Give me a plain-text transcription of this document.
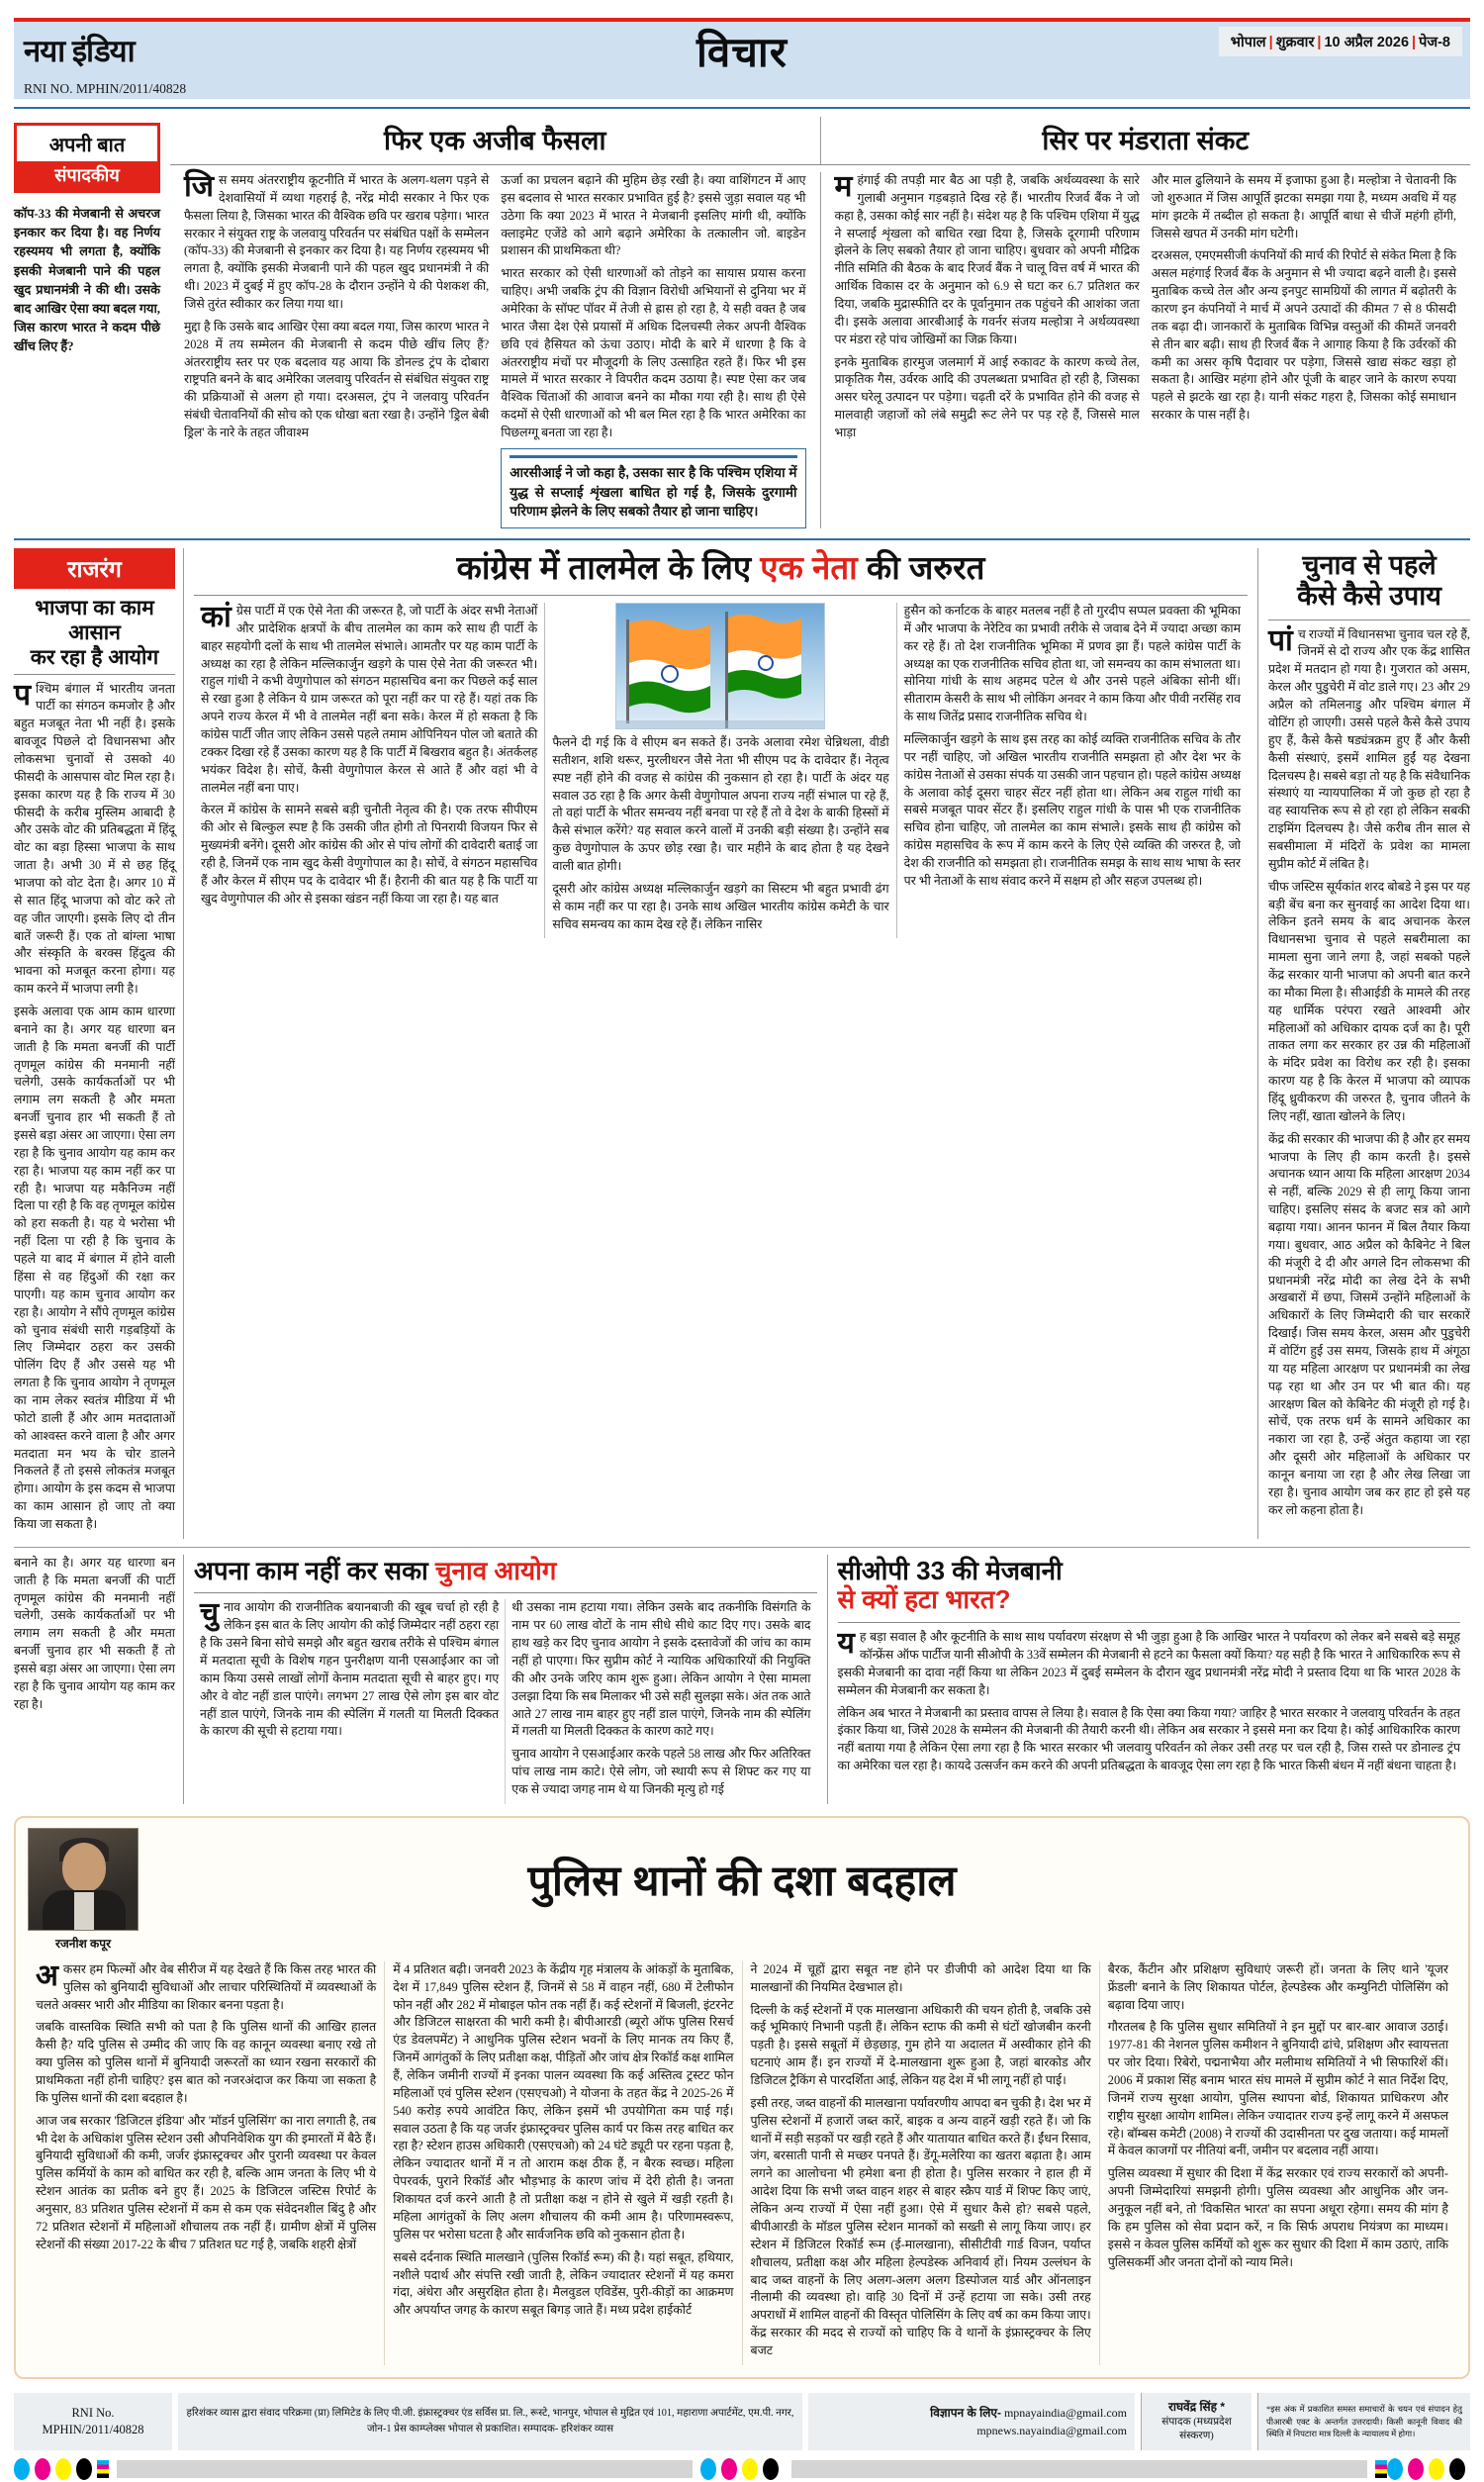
नया इंडिया	विचार	भोपाल | शुक्रवार | 10 अप्रैल 2026 | पेज-8
RNI NO. MPHIN/2011/40828
अपनी बात
संपादकीय
कॉप-33 की मेजबानी से अचरज इनकार कर दिया है। वह निर्णय रहस्यमय भी लगता है, क्योंकि इसकी मेजबानी पाने की पहल खुद प्रधानमंत्री ने की थी। उसके बाद आखिर ऐसा क्या बदल गया, जिस कारण भारत ने कदम पीछे खींच लिए हैं?
फिर एक अजीब फैसला	सिर पर मंडराता संकट

जिस समय अंतरराष्ट्रीय कूटनीति में भारत के अलग-थलग पड़ने से देशवासियों में व्यथा गहराई है, नरेंद्र मोदी सरकार ने फिर एक फैसला लिया है, जिसका भारत की वैश्विक छवि पर खराब पड़ेगा। भारत सरकार ने संयुक्त राष्ट्र के जलवायु परिवर्तन पर संबंधित पक्षों के सम्मेलन (कॉप-33) की मेजबानी से इनकार कर दिया है। यह निर्णय रहस्यमय भी लगता है, क्योंकि इसकी मेजबानी पाने की पहल खुद प्रधानमंत्री ने की थी। 2023 में दुबई में हुए कॉप-28 के दौरान उन्होंने ये की पेशकश की, जिसे तुरंत स्वीकार कर लिया गया था।

मुद्दा है कि उसके बाद आखिर ऐसा क्या बदल गया, जिस कारण भारत ने 2028 में तय सम्मेलन की मेजबानी से कदम पीछे खींच लिए हैं? अंतरराष्ट्रीय स्तर पर एक बदलाव यह आया कि डोनल्ड ट्रंप के दोबारा राष्ट्रपति बनने के बाद अमेरिका जलवायु परिवर्तन से संबंधित संयुक्त राष्ट्र की प्रक्रियाओं से अलग हो गया। दरअसल, ट्रंप ने जलवायु परिवर्तन संबंधी चेतावनियों की सोच को एक धोखा बता रखा है। उन्होंने 'ड्रिल बेबी ड्रिल' के नारे के तहत जीवाश्म

ऊर्जा का प्रचलन बढ़ाने की मुहिम छेड़ रखी है। क्या वाशिंगटन में आए इस बदलाव से भारत सरकार प्रभावित हुई है? इससे जुड़ा सवाल यह भी उठेगा कि क्या 2023 में भारत ने मेजबानी इसलिए मांगी थी, क्योंकि क्लाइमेट एजेंडे को आगे बढ़ाने अमेरिका के तत्कालीन जो. बाइडेन प्रशासन की प्राथमिकता थी?

भारत सरकार को ऐसी धारणाओं को तोड़ने का सायास प्रयास करना चाहिए। अभी जबकि ट्रंप की विज्ञान विरोधी अभियानों से दुनिया भर में अमेरिका के सॉफ्ट पॉवर में तेजी से ह्रास हो रहा है, ये सही वक्त है जब भारत जैसा देश ऐसे प्रयासों में अधिक दिलचस्पी लेकर अपनी वैश्विक छवि एवं हैसियत को ऊंचा उठाए। मोदी के बारे में धारणा है कि वे अंतरराष्ट्रीय मंचों पर मौजूदगी के लिए उत्साहित रहते हैं। फिर भी इस मामले में भारत सरकार ने विपरीत कदम उठाया है। स्पष्ट ऐसा कर जब वैश्विक चिंताओं की आवाज बनने का मौका गया रही है। साथ ही ऐसे कदमों से ऐसी धारणाओं को भी बल मिल रहा है कि भारत अमेरिका का पिछलग्गू बनता जा रहा है।

आरसीआई ने जो कहा है, उसका सार है कि पश्चिम एशिया में युद्ध से सप्लाई शृंखला बाधित हो गई है, जिसके दुरगामी परिणाम झेलने के लिए सबको तैयार हो जाना चाहिए।

महंगाई की तपड़ी मार बैठ आ पड़ी है, जबकि अर्थव्यवस्था के सारे गुलाबी अनुमान गड़बड़ाते दिख रहे हैं। भारतीय रिजर्व बैंक ने जो कहा है, उसका कोई सार नहीं है। संदेश यह है कि पश्चिम एशिया में युद्ध ने सप्लाई शृंखला को बाधित रखा दिया है, जिसके दूरगामी परिणाम झेलने के लिए सबको तैयार हो जाना चाहिए। बुधवार को अपनी मौद्रिक नीति समिति की बैठक के बाद रिजर्व बैंक ने चालू वित्त वर्ष में भारत की आर्थिक विकास दर के अनुमान को 6.9 से घटा कर 6.7 प्रतिशत कर दिया, जबकि मुद्रास्फीति दर के पूर्वानुमान तक पहुंचने की आशंका जता दी। इसके अलावा आरबीआई के गवर्नर संजय मल्होत्रा ने अर्थव्यवस्था पर मंडरा रहे पांच जोखिमों का जिक्र किया।

इनके मुताबिक हारमुज जलमार्ग में आई रुकावट के कारण कच्चे तेल, प्राकृतिक गैस, उर्वरक आदि की उपलब्धता प्रभावित हो रही है, जिसका असर घरेलू उत्पादन पर पड़ेगा। चढ़ती दरें के प्रभावित होने की वजह से मालवाही जहाजों को लंबे समुद्री रूट लेने पर पड़ रहे हैं, जिससे माल भाड़ा

और माल ढुलियाने के समय में इजाफा हुआ है। मल्होत्रा ने चेतावनी कि जो शुरुआत में जिस आपूर्ति झटका समझा गया है, मध्यम अवधि में यह मांग झटके में तब्दील हो सकता है। आपूर्ति बाधा से चीजें महंगी होंगी, जिससे खपत में उनकी मांग घटेगी।

दरअसल, एमएमसीजी कंपनियों की मार्च की रिपोर्ट से संकेत मिला है कि असल महंगाई रिजर्व बैंक के अनुमान से भी ज्यादा बढ़ने वाली है। इससे मुताबिक कच्चे तेल और अन्य इनपुट सामग्रियों की लागत में बढ़ोतरी के कारण इन कंपनियों ने मार्च में अपने उत्पादों की कीमत 7 से 8 फीसदी तक बढ़ा दी। जानकारों के मुताबिक विभिन्न वस्तुओं की कीमतें जनवरी से तीन बार बढ़ी। साथ ही रिजर्व बैंक ने आगाह किया है कि उर्वरकों की कमी का असर कृषि पैदावार पर पड़ेगा, जिससे खाद्य संकट खड़ा हो सकता है। आखिर महंगा होने और पूंजी के बाहर जाने के कारण रुपया पहले से झटके खा रहा है। यानी संकट गहरा है, जिसका कोई समाधान सरकार के पास नहीं है।

राजरंग
भाजपा का काम आसान
कर रहा है आयोग

पश्चिम बंगाल में भारतीय जनता पार्टी का संगठन कमजोर है और बहुत मजबूत नेता भी नहीं है। इसके बावजूद पिछले दो विधानसभा और लोकसभा चुनावों से उसको 40 फीसदी के आसपास वोट मिल रहा है। इसका कारण यह है कि राज्य में 30 फीसदी के करीब मुस्लिम आबादी है और उसके वोट की प्रतिबद्धता में हिंदू वोट का बड़ा हिस्सा भाजपा के साथ जाता है। अभी 30 में से छह हिंदू भाजपा को वोट देता है। अगर 10 में से सात हिंदू भाजपा को वोट करे तो वह जीत जाएगी। इसके लिए दो तीन बातें जरूरी हैं। एक तो बांग्ला भाषा और संस्कृति के बरक्स हिंदुत्व की भावना को मजबूत करना होगा। यह काम करने में भाजपा लगी है।

इसके अलावा एक आम काम धारणा बनाने का है। अगर यह धारणा बन जाती है कि ममता बनर्जी की पार्टी तृणमूल कांग्रेस की मनमानी नहीं चलेगी, उसके कार्यकर्ताओं पर भी लगाम लग सकती है और ममता बनर्जी चुनाव हार भी सकती हैं तो इससे बड़ा अंसर आ जाएगा। ऐसा लग रहा है कि चुनाव आयोग यह काम कर रहा है। भाजपा यह काम नहीं कर पा रही है। भाजपा यह मकैनिज्म नहीं दिला पा रही है कि वह तृणमूल कांग्रेस को हरा सकती है। यह ये भरोसा भी नहीं दिला पा रही है कि चुनाव के पहले या बाद में बंगाल में होने वाली हिंसा से वह हिंदुओं की रक्षा कर पाएगी। यह काम चुनाव आयोग कर रहा है। आयोग ने सौंपे तृणमूल कांग्रेस को चुनाव संबंधी सारी गड़बड़ियों के लिए जिम्मेदार ठहरा कर उसकी पोलिंग दिए हैं और उससे यह भी लगता है कि चुनाव आयोग ने तृणमूल का नाम लेकर स्वतंत्र मीडिया में भी फोटो डाली हैं और आम मतदाताओं को आश्वस्त करने वाला है और अगर मतदाता मन भय के चोर डालने निकलते हैं तो इससे लोकतंत्र मजबूत होगा। आयोग के इस कदम से भाजपा का काम आसान हो जाए तो क्या किया जा सकता है।

कांग्रेस में तालमेल के लिए एक नेता की जरुरत

कांग्रेस पार्टी में एक ऐसे नेता की जरूरत है, जो पार्टी के अंदर सभी नेताओं और प्रादेशिक क्षत्रपों के बीच तालमेल का काम करे साथ ही पार्टी के बाहर सहयोगी दलों के साथ भी तालमेल संभाले। आमतौर पर यह काम पार्टी के अध्यक्ष का रहा है लेकिन मल्लिकार्जुन खड़गे के पास ऐसे नेता की जरूरत भी। राहुल गांधी ने कभी वेणुगोपाल को संगठन महासचिव बना कर पिछले कई साल से रखा हुआ है लेकिन ये ग्राम जरूरत को पूरा नहीं कर पा रहे हैं। यहां तक कि अपने राज्य केरल में भी वे तालमेल नहीं बना सके। केरल में हो सकता है कि कांग्रेस पार्टी जीत जाए लेकिन उससे पहले तमाम ओपिनियन पोल जो बताते की टक्कर दिखा रहे हैं उसका कारण यह है कि पार्टी में बिखराव बहुत है। अंतर्कलह भयंकर विदेश है। सोचें, कैसी वेणुगोपाल केरल से आते हैं और वहां भी वे तालमेल नहीं बना पाए।

केरल में कांग्रेस के सामने सबसे बड़ी चुनौती नेतृत्व की है। एक तरफ सीपीएम की ओर से बिल्कुल स्पष्ट है कि उसकी जीत होगी तो पिनरायी विजयन फिर से मुख्यमंत्री बनेंगे। दूसरी ओर कांग्रेस की ओर से पांच लोगों की दावेदारी बताई जा रही है, जिनमें एक नाम खुद केसी वेणुगोपाल का है। सोचें, वे संगठन महासचिव हैं और केरल में सीएम पद के दावेदार भी हैं। हैरानी की बात यह है कि पार्टी या खुद वेणुगोपाल की ओर से इसका खंडन नहीं किया जा रहा है। यह बात

फैलने दी गई कि वे सीएम बन सकते हैं। उनके अलावा रमेश चेन्निथला, वीडी सतीशन, शशि थरूर, मुरलीधरन जैसे नेता भी सीएम पद के दावेदार हैं। नेतृत्व स्पष्ट नहीं होने की वजह से कांग्रेस की नुकसान हो रहा है। पार्टी के अंदर यह सवाल उठ रहा है कि अगर केसी वेणुगोपाल अपना राज्य नहीं संभाल पा रहे हैं, तो वहां पार्टी के भीतर समन्वय नहीं बनवा पा रहे हैं तो वे देश के बाकी हिस्सों में कैसे संभाल करेंगे? यह सवाल करने वालों में उनकी बड़ी संख्या है। उन्होंने सब कुछ वेणुगोपाल के ऊपर छोड़ रखा है। चार महीने के बाद होता है यह देखने वाली बात होगी।

दूसरी ओर कांग्रेस अध्यक्ष मल्लिकार्जुन खड़गे का सिस्टम भी बहुत प्रभावी ढंग से काम नहीं कर पा रहा है। उनके साथ अखिल भारतीय कांग्रेस कमेटी के चार सचिव समन्वय का काम देख रहे हैं। लेकिन नासिर

हुसैन को कर्नाटक के बाहर मतलब नहीं है तो गुरदीप सप्पल प्रवक्ता की भूमिका में और भाजपा के नेरेटिव का प्रभावी तरीके से जवाब देने में ज्यादा अच्छा काम कर रहे हैं। तो देश राजनीतिक भूमिका में प्रणव झा हैं। पहले कांग्रेस पार्टी के अध्यक्ष का एक राजनीतिक सचिव होता था, जो समन्वय का काम संभालता था। सोनिया गांधी के साथ अहमद पटेल थे और उनसे पहले अंबिका सोनी थीं। सीताराम केसरी के साथ भी लोकिंग अनवर ने काम किया और पीवी नरसिंह राव के साथ जितेंद्र प्रसाद राजनीतिक सचिव थे।

मल्लिकार्जुन खड़गे के साथ इस तरह का कोई व्यक्ति राजनीतिक सचिव के तौर पर नहीं चाहिए, जो अखिल भारतीय राजनीति समझता हो और देश भर के कांग्रेस नेताओं से उसका संपर्क या उसकी जान पहचान हो। पहले कांग्रेस अध्यक्ष के अलावा कोई दूसरा चाहर सेंटर नहीं होता था। लेकिन अब राहुल गांधी का सबसे मजबूत पावर सेंटर हैं। इसलिए राहुल गांधी के पास भी एक राजनीतिक सचिव होना चाहिए, जो तालमेल का काम संभाले। इसके साथ ही कांग्रेस को कांग्रेस महासचिव के रूप में काम करने के लिए ऐसे व्यक्ति की जरुरत है, जो देश की राजनीति को समझता हो। राजनीतिक समझ के साथ साथ भाषा के स्तर पर भी नेताओं के साथ संवाद करने में सक्षम हो और सहज उपलब्ध हो।

चुनाव से पहले
कैसे कैसे उपाय

पांच राज्यों में विधानसभा चुनाव चल रहे हैं, जिनमें से दो राज्य और एक केंद्र शासित प्रदेश में मतदान हो गया है। गुजरात को असम, केरल और पुडुचेरी में वोट डाले गए। 23 और 29 अप्रैल को तमिलनाडु और पश्चिम बंगाल में वोटिंग हो जाएगी। उससे पहले कैसे कैसे उपाय हुए हैं, कैसे कैसे षड्यंत्रक्रम हुए हैं और कैसी कैसी संस्थाएं, इसमें शामिल हुईं यह देखना दिलचस्प है। सबसे बड़ा तो यह है कि संवैधानिक संस्थाएं या न्यायपालिका में जो कुछ हो रहा है वह स्वायत्तिक रूप से हो रहा हो लेकिन सबकी टाइमिंग दिलचस्प है। जैसे करीब तीन साल से सबसीमाला में मंदिरों के प्रवेश का मामला सुप्रीम कोर्ट में लंबित है।

चीफ जस्टिस सूर्यकांत शरद बोबडे ने इस पर यह बड़ी बेंच बना कर सुनवाई का आदेश दिया था। लेकिन इतने समय के बाद अचानक केरल विधानसभा चुनाव से पहले सबरीमाला का मामला सुना जाने लगा है, जहां सबको पहले केंद्र सरकार यानी भाजपा को अपनी बात करने का मौका मिला है। सीआईडी के मामले की तरह यह धार्मिक परंपरा रखते आश्वमी ओर महिलाओं को अधिकार दायक दर्ज का है। पूरी ताकत लगा कर सरकार हर उन्न की महिलाओं के मंदिर प्रवेश का विरोध कर रही है। इसका कारण यह है कि केरल में भाजपा को व्यापक हिंदू ध्रुवीकरण की जरुरत है, चुनाव जीतने के लिए नहीं, खाता खोलने के लिए।

केंद्र की सरकार की भाजपा की है और हर समय भाजपा के लिए ही काम करती है। इससे अचानक ध्यान आया कि महिला आरक्षण 2034 से नहीं, बल्कि 2029 से ही लागू किया जाना चाहिए। इसलिए संसद के बजट सत्र को आगे बढ़ाया गया। आनन फानन में बिल तैयार किया गया। बुधवार, आठ अप्रैल को कैबिनेट ने बिल की मंजूरी दे दी और अगले दिन लोकसभा की प्रधानमंत्री नरेंद्र मोदी का लेख देने के सभी अखबारों में छपा, जिसमें उन्होंने महिलाओं के अधिकारों के लिए जिम्मेदारी की चार सरकारें दिखाईं। जिस समय केरल, असम और पुडुचेरी में वोटिंग हुई उस समय, जिसके हाथ में अंगूठा या यह महिला आरक्षण पर प्रधानमंत्री का लेख पढ़ रहा था और उन पर भी बात की। यह आरक्षण बिल को केबिनेट की मंजूरी हो गई है। सोचें, एक तरफ धर्म के सामने अधिकार का नकारा जा रहा है, उन्हें अंतुत कहाया जा रहा और दूसरी ओर महिलाओं के अधिकार पर कानून बनाया जा रहा है और लेख लिखा जा रहा है। चुनाव आयोग जब कर हाट हो इसे यह कर लो कहना होता है।

बनाने का है। अगर यह धारणा बन जाती है कि ममता बनर्जी की पार्टी तृणमूल कांग्रेस की मनमानी नहीं चलेगी, उसके कार्यकर्ताओं पर भी लगाम लग सकती है और ममता बनर्जी चुनाव हार भी सकती हैं तो इससे बड़ा अंसर आ जाएगा। ऐसा लग रहा है कि चुनाव आयोग यह काम कर रहा है।

अपना काम नहीं कर सका चुनाव आयोग

चुनाव आयोग की राजनीतिक बयानबाजी की खूब चर्चा हो रही है लेकिन इस बात के लिए आयोग की कोई जिम्मेदार नहीं ठहरा रहा है कि उसने बिना सोचे समझे और बहुत खराब तरीके से पश्चिम बंगाल में मतदाता सूची के विशेष गहन पुनरीक्षण यानी एसआईआर का जो काम किया उससे लाखों लोगों केनाम मतदाता सूची से बाहर हुए। गए और वे वोट नहीं डाल पाएंगे। लगभग 27 लाख ऐसे लोग इस बार वोट नहीं डाल पाएंगे, जिनके नाम की स्पेलिंग में गलती या मिलती दिक्कत के कारण की सूची से हटाया गया।

थी उसका नाम हटाया गया। लेकिन उसके बाद तकनीकि विसंगति के नाम पर 60 लाख वोटों के नाम सीधे सीधे काट दिए गए। उसके बाद हाथ खड़े कर दिए चुनाव आयोग ने इसके दस्तावेजों की जांच का काम नहीं हो पाएगा। फिर सुप्रीम कोर्ट ने न्यायिक अधिकारियों की नियुक्ति की और उनके जरिए काम शुरू हुआ। लेकिन आयोग ने ऐसा मामला उलझा दिया कि सब मिलाकर भी उसे सही सुलझा सके। अंत तक आते आते 27 लाख नाम बाहर हुए नहीं डाल पाएंगे, जिनके नाम की स्पेलिंग में गलती या मिलती दिक्कत के कारण काटे गए।

चुनाव आयोग ने एसआईआर करके पहले 58 लाख और फिर अतिरिक्त पांच लाख नाम काटे। ऐसे लोग, जो स्थायी रूप से शिफ्ट कर गए या एक से ज्यादा जगह नाम थे या जिनकी मृत्यु हो गई

सीओपी 33 की मेजबानी
से क्यों हटा भारत?

यह बड़ा सवाल है और कूटनीति के साथ साथ पर्यावरण संरक्षण से भी जुड़ा हुआ है कि आखिर भारत ने पर्यावरण को लेकर बने सबसे बड़े समूह कॉन्फ्रेंस ऑफ पार्टीज यानी सीओपी के 33वें सम्मेलन की मेजबानी से हटने का फैसला क्यों किया? यह सही है कि भारत ने आधिकारिक रूप से इसकी मेजबानी का दावा नहीं किया था लेकिन 2023 में दुबई सम्मेलन के दौरान खुद प्रधानमंत्री नरेंद्र मोदी ने प्रस्ताव दिया था कि भारत 2028 के सम्मेलन की मेजबानी कर सकता है।

लेकिन अब भारत ने मेजबानी का प्रस्ताव वापस ले लिया है। सवाल है कि ऐसा क्या किया गया? जाहिर है भारत सरकार ने जलवायु परिवर्तन के तहत इंकार किया था, जिसे 2028 के सम्मेलन की मेजबानी की तैयारी करनी थी। लेकिन अब सरकार ने इससे मना कर दिया है। कोई आधिकारिक कारण नहीं बताया गया है लेकिन ऐसा लगा रहा है कि भारत सरकार भी जलवायु परिवर्तन को लेकर उसी तरह पर चल रही है, जिस रास्ते पर डोनाल्ड ट्रंप का अमेरिका चल रहा है। कायदे उत्सर्जन कम करने की अपनी प्रतिबद्धता के बावजूद ऐसा लग रहा है कि भारत किसी बंधन में नहीं बंधना चाहता है।

रजनीश कपूर
पुलिस थानों की दशा बदहाल

अकसर हम फिल्मों और वेब सीरीज में यह देखते हैं कि किस तरह भारत की पुलिस को बुनियादी सुविधाओं और लाचार परिस्थितियों में व्यवस्थाओं के चलते अक्सर भारी और मीडिया का शिकार बनना पड़ता है।

जबकि वास्तविक स्थिति सभी को पता है कि पुलिस थानों की आखिर हालत कैसी है? यदि पुलिस से उम्मीद की जाए कि वह कानून व्यवस्था बनाए रखे तो क्या पुलिस को पुलिस थानों में बुनियादी जरूरतों का ध्यान रखना सरकारों की प्राथमिकता नहीं होनी चाहिए? इस बात को नजरअंदाज कर किया जा सकता है कि पुलिस थानों की दशा बदहाल है।

आज जब सरकार 'डिजिटल इंडिया' और 'मॉडर्न पुलिसिंग' का नारा लगाती है, तब भी देश के अधिकांश पुलिस स्टेशन उसी औपनिवेशिक युग की इमारतों में बैठे हैं। बुनियादी सुविधाओं की कमी, जर्जर इंफ्रास्ट्रक्चर और पुरानी व्यवस्था पर केवल पुलिस कर्मियों के काम को बाधित कर रही है, बल्कि आम जनता के लिए भी ये स्टेशन आतंक का प्रतीक बने हुए हैं। 2025 के डिजिटल जस्टिस रिपोर्ट के अनुसार, 83 प्रतिशत पुलिस स्टेशनों में कम से कम एक संवेदनशील बिंदु है और 72 प्रतिशत स्टेशनों में महिलाओं शौचालय तक नहीं हैं। ग्रामीण क्षेत्रों में पुलिस स्टेशनों की संख्या 2017-22 के बीच 7 प्रतिशत घट गई है, जबकि शहरी क्षेत्रों

में 4 प्रतिशत बढ़ी। जनवरी 2023 के केंद्रीय गृह मंत्रालय के आंकड़ों के मुताबिक, देश में 17,849 पुलिस स्टेशन हैं, जिनमें से 58 में वाहन नहीं, 680 में टेलीफोन फोन नहीं और 282 में मोबाइल फोन तक नहीं हैं। कई स्टेशनों में बिजली, इंटरनेट और डिजिटल साक्षरता की भारी कमी है। बीपीआरडी (ब्यूरो ऑफ पुलिस रिसर्च एंड डेवलपमेंट) ने आधुनिक पुलिस स्टेशन भवनों के लिए मानक तय किए हैं, जिनमें आगंतुकों के लिए प्रतीक्षा कक्ष, पीड़ितों और जांच क्षेत्र रिकॉर्ड कक्ष शामिल हैं, लेकिन जमीनी राज्यों में इनका पालन व्यवस्था कि कई अस्तित्व ट्रस्टट फोन महिलाओं एवं पुलिस स्टेशन (एसएचओ) ने योजना के तहत केंद्र ने 2025-26 में 540 करोड़ रुपये आवंटित किए, लेकिन इसमें भी उपयोगिता कम पाई गई। सवाल उठता है कि यह जर्जर इंफ्रास्ट्रक्चर पुलिस कार्य पर किस तरह बाधित कर रहा है? स्टेशन हाउस अधिकारी (एसएचओ) को 24 घंटे ड्यूटी पर रहना पड़ता है, लेकिन ज्यादातर थानों में न तो आराम कक्ष ठीक हैं, न बैरक स्वच्छ। महिला पेपरवर्क, पुराने रिकॉर्ड और भौड़भाड़ के कारण जांच में देरी होती है। जनता शिकायत दर्ज करने आती है तो प्रतीक्षा कक्ष न होने से खुले में खड़ी रहती है। महिला आगंतुकों के लिए अलग शौचालय की कमी आम है। परिणामस्वरूप, पुलिस पर भरोसा घटता है और सार्वजनिक छवि को नुकसान होता है।

सबसे दर्दनाक स्थिति मालखाने (पुलिस रिकॉर्ड रूम) की है। यहां सबूत, हथियार, नशीले पदार्थ और संपत्ति रखी जाती है, लेकिन ज्यादातर स्टेशनों में यह कमरा गंदा, अंधेरा और असुरक्षित होता है। मैलवुडल एविडेंस, पुरी-कीड़ों का आक्रमण और अपर्याप्त जगह के कारण सबूत बिगड़ जाते हैं। मध्य प्रदेश हाईकोर्ट

ने 2024 में चूहों द्वारा सबूत नष्ट होने पर डीजीपी को आदेश दिया था कि मालखानों की नियमित देखभाल हो।

दिल्ली के कई स्टेशनों में एक मालखाना अधिकारी की चयन होती है, जबकि उसे कई भूमिकाएं निभानी पड़ती हैं। लेकिन स्टाफ की कमी से घंटों खोजबीन करनी पड़ती है। इससे सबूतों में छेड़छाड़, गुम होने या अदालत में अस्वीकार होने की घटनाएं आम हैं। इन राज्यों में दे-मालखाना शुरू हुआ है, जहां बारकोड और डिजिटल ट्रैकिंग से पारदर्शिता आई, लेकिन यह देश में भी लागू नहीं हो पाई।

इसी तरह, जब्त वाहनों की मालखाना पर्यावरणीय आपदा बन चुकी है। देश भर में पुलिस स्टेशनों में हजारों जब्त कारें, बाइक व अन्य वाहनें खड़ी रहते हैं। जो कि थानों में सड़ी सड़कों पर खड़ी रहते हैं और यातायात बाधित करते हैं। ईंधन रिसाव, जंग, बरसाती पानी से मच्छर पनपते हैं। डेंगू-मलेरिया का खतरा बढ़ाता है। आम लगने का आलोचना भी हमेशा बना ही होता है। पुलिस सरकार ने हाल ही में आदेश दिया कि सभी जब्त वाहन शहर से बाहर स्क्रैप यार्ड में शिफ्ट किए जाएं, लेकिन अन्य राज्यों में ऐसा नहीं हुआ। ऐसे में सुधार कैसे हो? सबसे पहले, बीपीआरडी के मॉडल पुलिस स्टेशन मानकों को सख्ती से लागू किया जाए। हर स्टेशन में डिजिटल रिकॉर्ड रूम (ई-मालखाना), सीसीटीवी गार्ड विजन, पर्याप्त शौचालय, प्रतीक्षा कक्ष और महिला हेल्पडेस्क अनिवार्य हों। नियम उल्लंघन के बाद जब्त वाहनों के लिए अलग-अलग अलग डिस्पोजल यार्ड और ऑनलाइन नीलामी की व्यवस्था हो। वाहि 30 दिनों में उन्हें हटाया जा सके। उसी तरह अपराधों में शामिल वाहनों की विस्तृत पोलिसिंग के लिए वर्ष का कम किया जाए। केंद्र सरकार की मदद से राज्यों को चाहिए कि वे थानों के इंफ्रास्ट्रक्चर के लिए बजट

बैरक, कैंटीन और प्रशिक्षण सुविधाएं जरूरी हों। जनता के लिए थाने 'यूजर फ्रेंडली' बनाने के लिए शिकायत पोर्टल, हेल्पडेस्क और कम्युनिटी पोलिसिंग को बढ़ावा दिया जाए।

गौरतलब है कि पुलिस सुधार समितियों ने इन मुद्दों पर बार-बार आवाज उठाई। 1977-81 की नेशनल पुलिस कमीशन ने बुनियादी ढांचे, प्रशिक्षण और स्वायत्तता पर जोर दिया। रिबेरो, पद्मनाभैया और मलीमाथ समितियों ने भी सिफारिशें कीं। 2006 में प्रकाश सिंह बनाम भारत संघ मामले में सुप्रीम कोर्ट ने सात निर्देश दिए, जिनमें राज्य सुरक्षा आयोग, पुलिस स्थापना बोर्ड, शिकायत प्राधिकरण और राष्ट्रीय सुरक्षा आयोग शामिल। लेकिन ज्यादातर राज्य इन्हें लागू करने में असफल रहे। बॉम्बस कमेटी (2008) ने राज्यों की उदासीनता पर दुख जताया। कई मामलों में केवल काजगों पर नीतियां बनीं, जमीन पर बदलाव नहीं आया।

पुलिस व्यवस्था में सुधार की दिशा में केंद्र सरकार एवं राज्य सरकारों को अपनी-अपनी जिम्मेदारियां समझनी होगी। पुलिस व्यवस्था और आधुनिक और जन-अनुकूल नहीं बने, तो 'विकसित भारत' का सपना अधूरा रहेगा। समय की मांग है कि हम पुलिस को सेवा प्रदान करें, न कि सिर्फ अपराध नियंत्रण का माध्यम। इससे न केवल पुलिस कर्मियों को शुरू कर सुधार की दिशा में काम उठाएं, ताकि पुलिसकर्मी और जनता दोनों को न्याय मिले।

RNI No.
MPHIN/2011/40828
हरिशंकर व्यास द्वारा संवाद परिक्रमा (प्रा) लिमिटेड के लिए पी.जी. इंफ्रास्ट्रक्चर एंड सर्विस प्रा. लि., रूस्टे, भानपुर, भोपाल से मुद्रित एवं 101, महाराणा अपार्टमेंट, एम.पी. नगर, जोन-1 प्रेस काम्प्लेक्स भोपाल से प्रकाशित। सम्पादक- हरिशंकर व्यास
विज्ञापन के लिए- mpnayaindia@gmail.com
mpnews.nayaindia@gmail.com
राघवेंद्र सिंह *
संपादक (मध्यप्रदेश संस्करण)
*इस अंक में प्रकाशित समस्त समाचारों के चयन एवं संपादन हेतु पीआरबी एक्ट के अन्तर्गत उत्तरदायी। किसी कानूनी विवाद की स्थिति में निपटारा मात्र दिल्ली के न्यायालय में होगा।
